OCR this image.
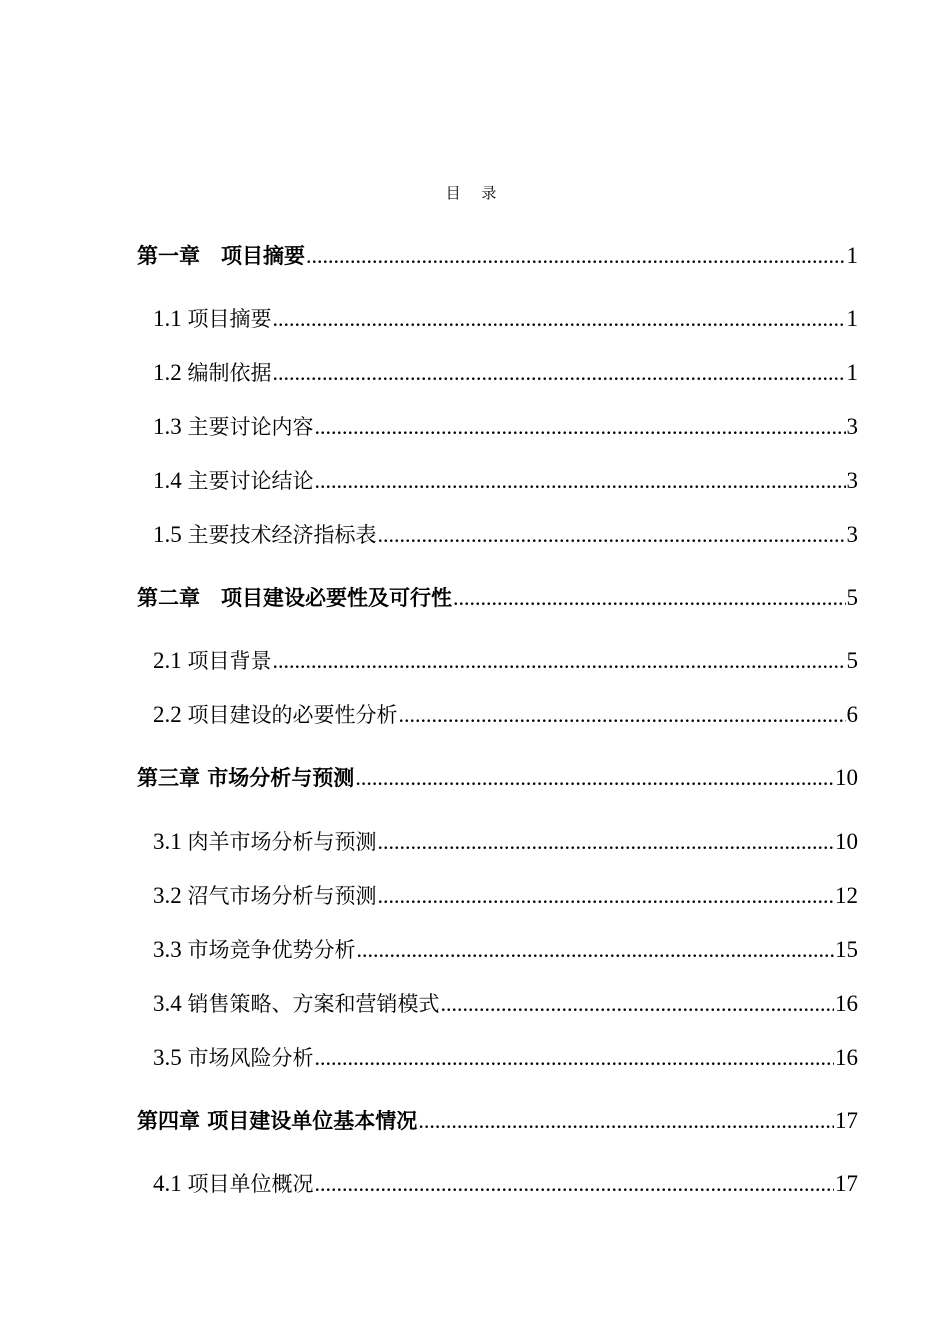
目 录
第一章　项目摘要 .....	1
1.1 项目摘要 .....	1
1.2 编制依据 .....	1
1.3 主要讨论内容 .....	3
1.4 主要讨论结论 .....	3
1.5 主要技术经济指标表 .....	3
第二章　项目建设必要性及可行性 .....	5
2.1 项目背景 .....	5
2.2 项目建设的必要性分析 .....	6
第三章 市场分析与预测 .....	10
3.1 肉羊市场分析与预测 .....	10
3.2 沼气市场分析与预测 .....	12
3.3 市场竞争优势分析 .....	15
3.4 销售策略、方案和营销模式 .....	16
3.5 市场风险分析 .....	16
第四章 项目建设单位基本情况 .....	17
4.1 项目单位概况 .....	17
